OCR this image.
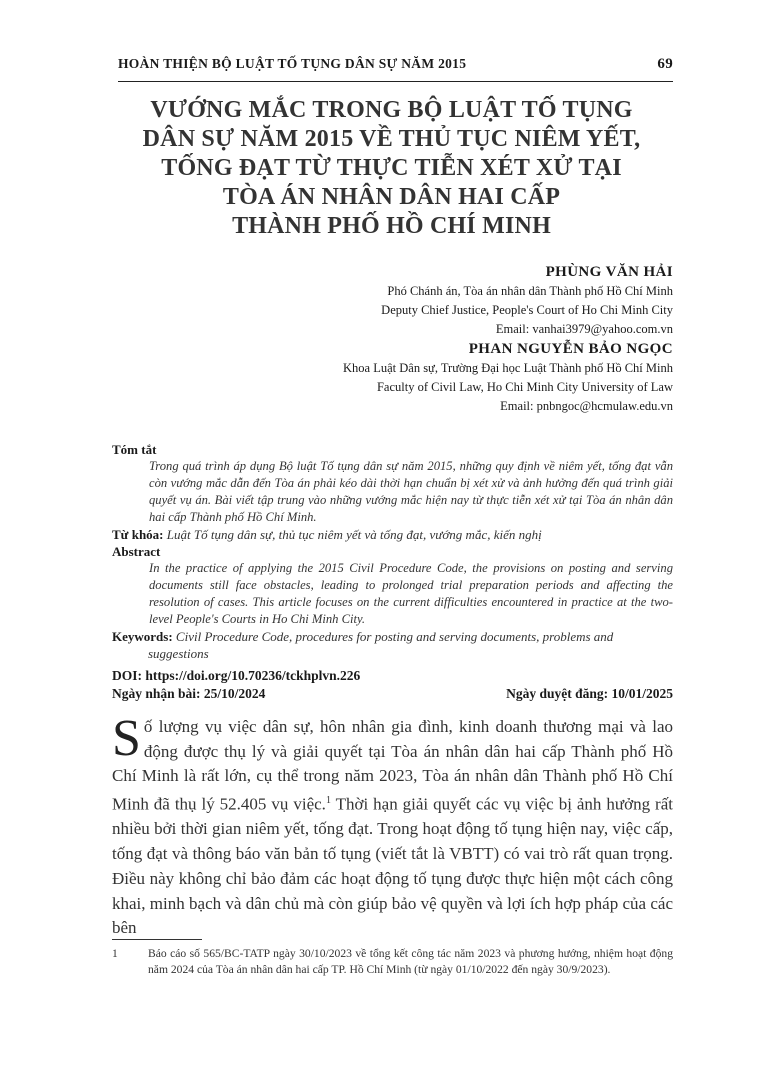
HOÀN THIỆN BỘ LUẬT TỐ TỤNG DÂN SỰ NĂM 2015	69
VƯỚNG MẮC TRONG BỘ LUẬT TỐ TỤNG
DÂN SỰ NĂM 2015 VỀ THỦ TỤC NIÊM YẾT,
TỐNG ĐẠT TỪ THỰC TIỄN XÉT XỬ TẠI
TÒA ÁN NHÂN DÂN HAI CẤP
THÀNH PHỐ HỒ CHÍ MINH
PHÙNG VĂN HẢI
Phó Chánh án, Tòa án nhân dân Thành phố Hồ Chí Minh
Deputy Chief Justice, People's Court of Ho Chi Minh City
Email: vanhai3979@yahoo.com.vn
PHAN NGUYỄN BẢO NGỌC
Khoa Luật Dân sự, Trường Đại học Luật Thành phố Hồ Chí Minh
Faculty of Civil Law, Ho Chi Minh City University of Law
Email: pnbngoc@hcmulaw.edu.vn
Tóm tắt
Trong quá trình áp dụng Bộ luật Tố tụng dân sự năm 2015, những quy định về niêm yết, tống đạt vẫn còn vướng mắc dẫn đến Tòa án phải kéo dài thời hạn chuẩn bị xét xử và ảnh hưởng đến quá trình giải quyết vụ án. Bài viết tập trung vào những vướng mắc hiện nay từ thực tiễn xét xử tại Tòa án nhân dân hai cấp Thành phố Hồ Chí Minh.
Từ khóa: Luật Tố tụng dân sự, thủ tục niêm yết và tống đạt, vướng mắc, kiến nghị
Abstract
In the practice of applying the 2015 Civil Procedure Code, the provisions on posting and serving documents still face obstacles, leading to prolonged trial preparation periods and affecting the resolution of cases. This article focuses on the current difficulties encountered in practice at the two-level People's Courts in Ho Chi Minh City.
Keywords: Civil Procedure Code, procedures for posting and serving documents, problems and
suggestions
DOI: https://doi.org/10.70236/tckhplvn.226
Ngày nhận bài: 25/10/2024	Ngày duyệt đăng: 10/01/2025

Số lượng vụ việc dân sự, hôn nhân gia đình, kinh doanh thương mại và lao động được thụ lý và giải quyết tại Tòa án nhân dân hai cấp Thành phố Hồ Chí Minh là rất lớn, cụ thể trong năm 2023, Tòa án nhân dân Thành phố Hồ Chí Minh đã thụ lý 52.405 vụ việc.$^1$ Thời hạn giải quyết các vụ việc bị ảnh hưởng rất nhiều bởi thời gian niêm yết, tống đạt. Trong hoạt động tố tụng hiện nay, việc cấp, tống đạt và thông báo văn bản tố tụng (viết tắt là VBTT) có vai trò rất quan trọng. Điều này không chỉ bảo đảm các hoạt động tố tụng được thực hiện một cách công khai, minh bạch và dân chủ mà còn giúp bảo vệ quyền và lợi ích hợp pháp của các bên

1	Báo cáo số 565/BC-TATP ngày 30/10/2023 về tổng kết công tác năm 2023 và phương hướng, nhiệm hoạt động năm 2024 của Tòa án nhân dân hai cấp TP. Hồ Chí Minh (từ ngày 01/10/2022 đến ngày 30/9/2023).
